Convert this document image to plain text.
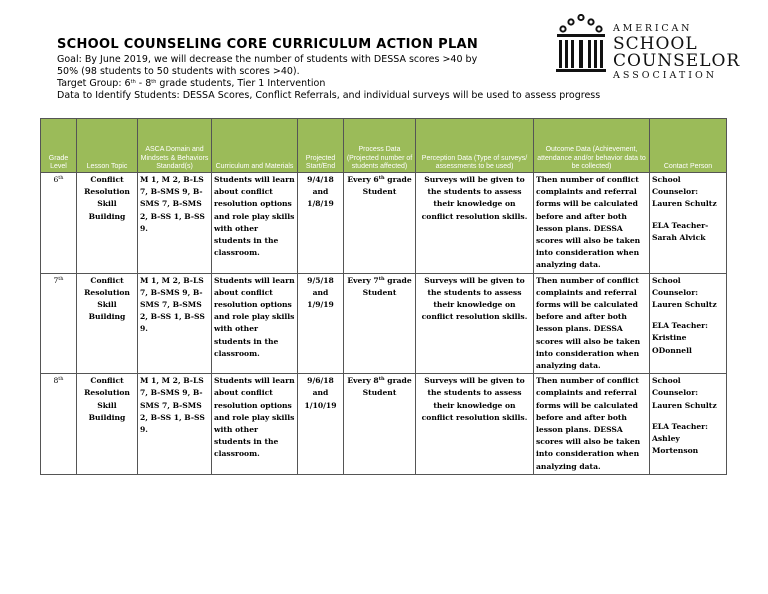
SCHOOL COUNSELING CORE CURRICULUM ACTION PLAN
Goal: By June 2019, we will decrease the number of students with DESSA scores >40 by
50% (98 students to 50 students with scores >40).
Target Group: 6th - 8th grade students, Tier 1 Intervention
Data to Identify Students: DESSA Scores, Conflict Referrals, and individual surveys will be used to assess progress
AMERICAN
SCHOOL
COUNSELOR
ASSOCIATION
Grade Level	Lesson Topic	ASCA Domain and Mindsets & Behaviors Standard(s)	Curriculum and Materials	Projected Start/End	Process Data (Projected number of students affected)	Perception Data (Type of surveys/ assessments to be used)	Outcome Data (Achievement, attendance and/or behavior data to be collected)	Contact Person
6th	Conflict Resolution Skill Building	M 1, M 2, B-LS 7, B-SMS 9, B-SMS 7, B-SMS 2, B-SS 1, B-SS 9.	Students will learn about conflict resolution options and role play skills with other students in the classroom.	9/4/18 and 1/8/19	Every 6th grade Student	Surveys will be given to the students to assess their knowledge on conflict resolution skills.	Then number of conflict complaints and referral forms will be calculated before and after both lesson plans. DESSA scores will also be taken into consideration when analyzing data.	School Counselor: Lauren Schultz
ELA Teacher- Sarah Alvick
7th	Conflict Resolution Skill Building	M 1, M 2, B-LS 7, B-SMS 9, B-SMS 7, B-SMS 2, B-SS 1, B-SS 9.	Students will learn about conflict resolution options and role play skills with other students in the classroom.	9/5/18 and 1/9/19	Every 7th grade Student	Surveys will be given to the students to assess their knowledge on conflict resolution skills.	Then number of conflict complaints and referral forms will be calculated before and after both lesson plans. DESSA scores will also be taken into consideration when analyzing data.	School Counselor: Lauren Schultz
ELA Teacher: Kristine ODonnell
8th	Conflict Resolution Skill Building	M 1, M 2, B-LS 7, B-SMS 9, B-SMS 7, B-SMS 2, B-SS 1, B-SS 9.	Students will learn about conflict resolution options and role play skills with other students in the classroom.	9/6/18 and 1/10/19	Every 8th grade Student	Surveys will be given to the students to assess their knowledge on conflict resolution skills.	Then number of conflict complaints and referral forms will be calculated before and after both lesson plans. DESSA scores will also be taken into consideration when analyzing data.	School Counselor: Lauren Schultz
ELA Teacher: Ashley Mortenson
